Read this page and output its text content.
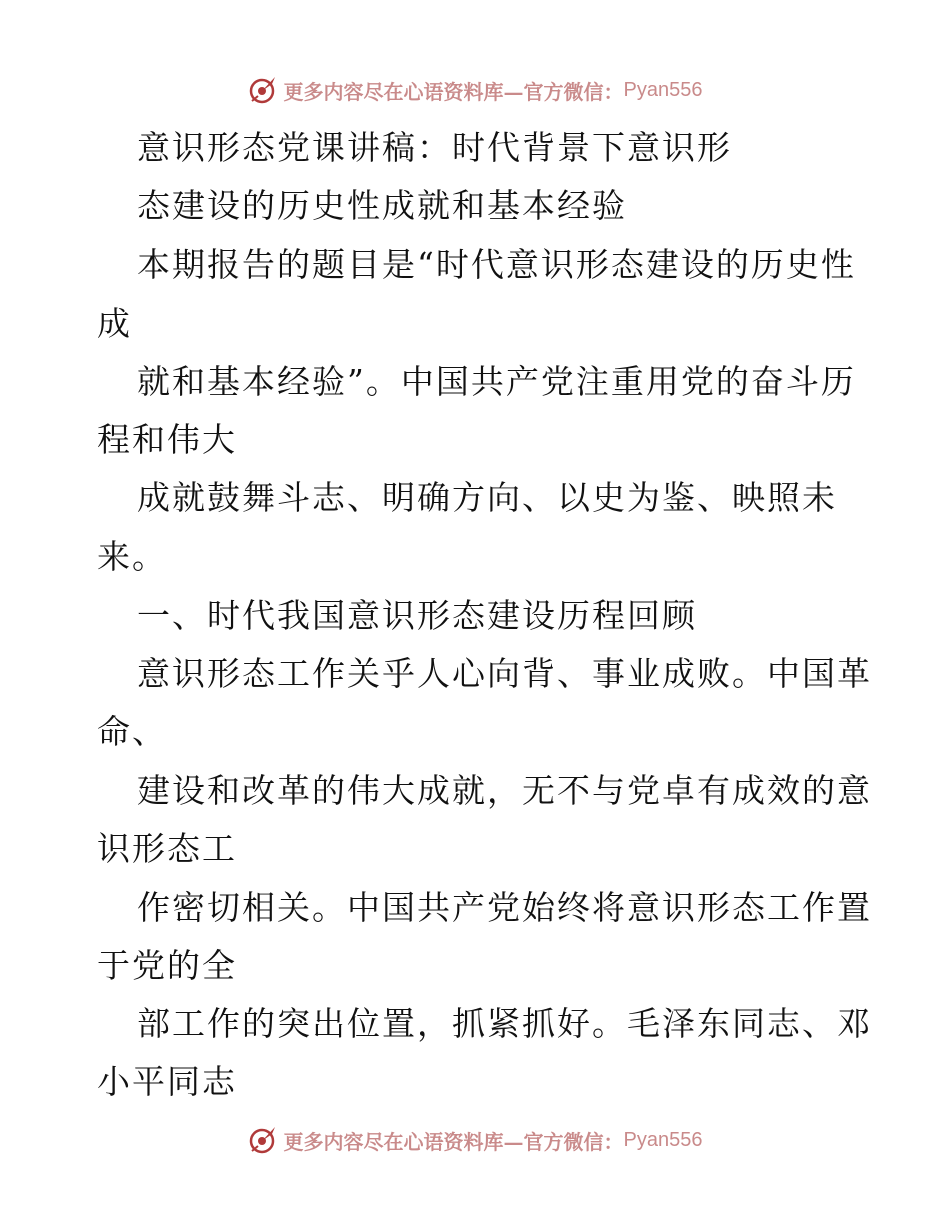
更多内容尽在心语资料库—官方微信： Pyan556
意识形态党课讲稿：时代背景下意识形
态建设的历史性成就和基本经验
本期报告的题目是“时代意识形态建设的历史性
成
就和基本经验”。中国共产党注重用党的奋斗历
程和伟大
成就鼓舞斗志、明确方向、以史为鉴、映照未
来。
一、时代我国意识形态建设历程回顾
意识形态工作关乎人心向背、事业成败。中国革
命、
建设和改革的伟大成就，无不与党卓有成效的意
识形态工
作密切相关。中国共产党始终将意识形态工作置
于党的全
部工作的突出位置，抓紧抓好。毛泽东同志、邓
小平同志
更多内容尽在心语资料库—官方微信： Pyan556
